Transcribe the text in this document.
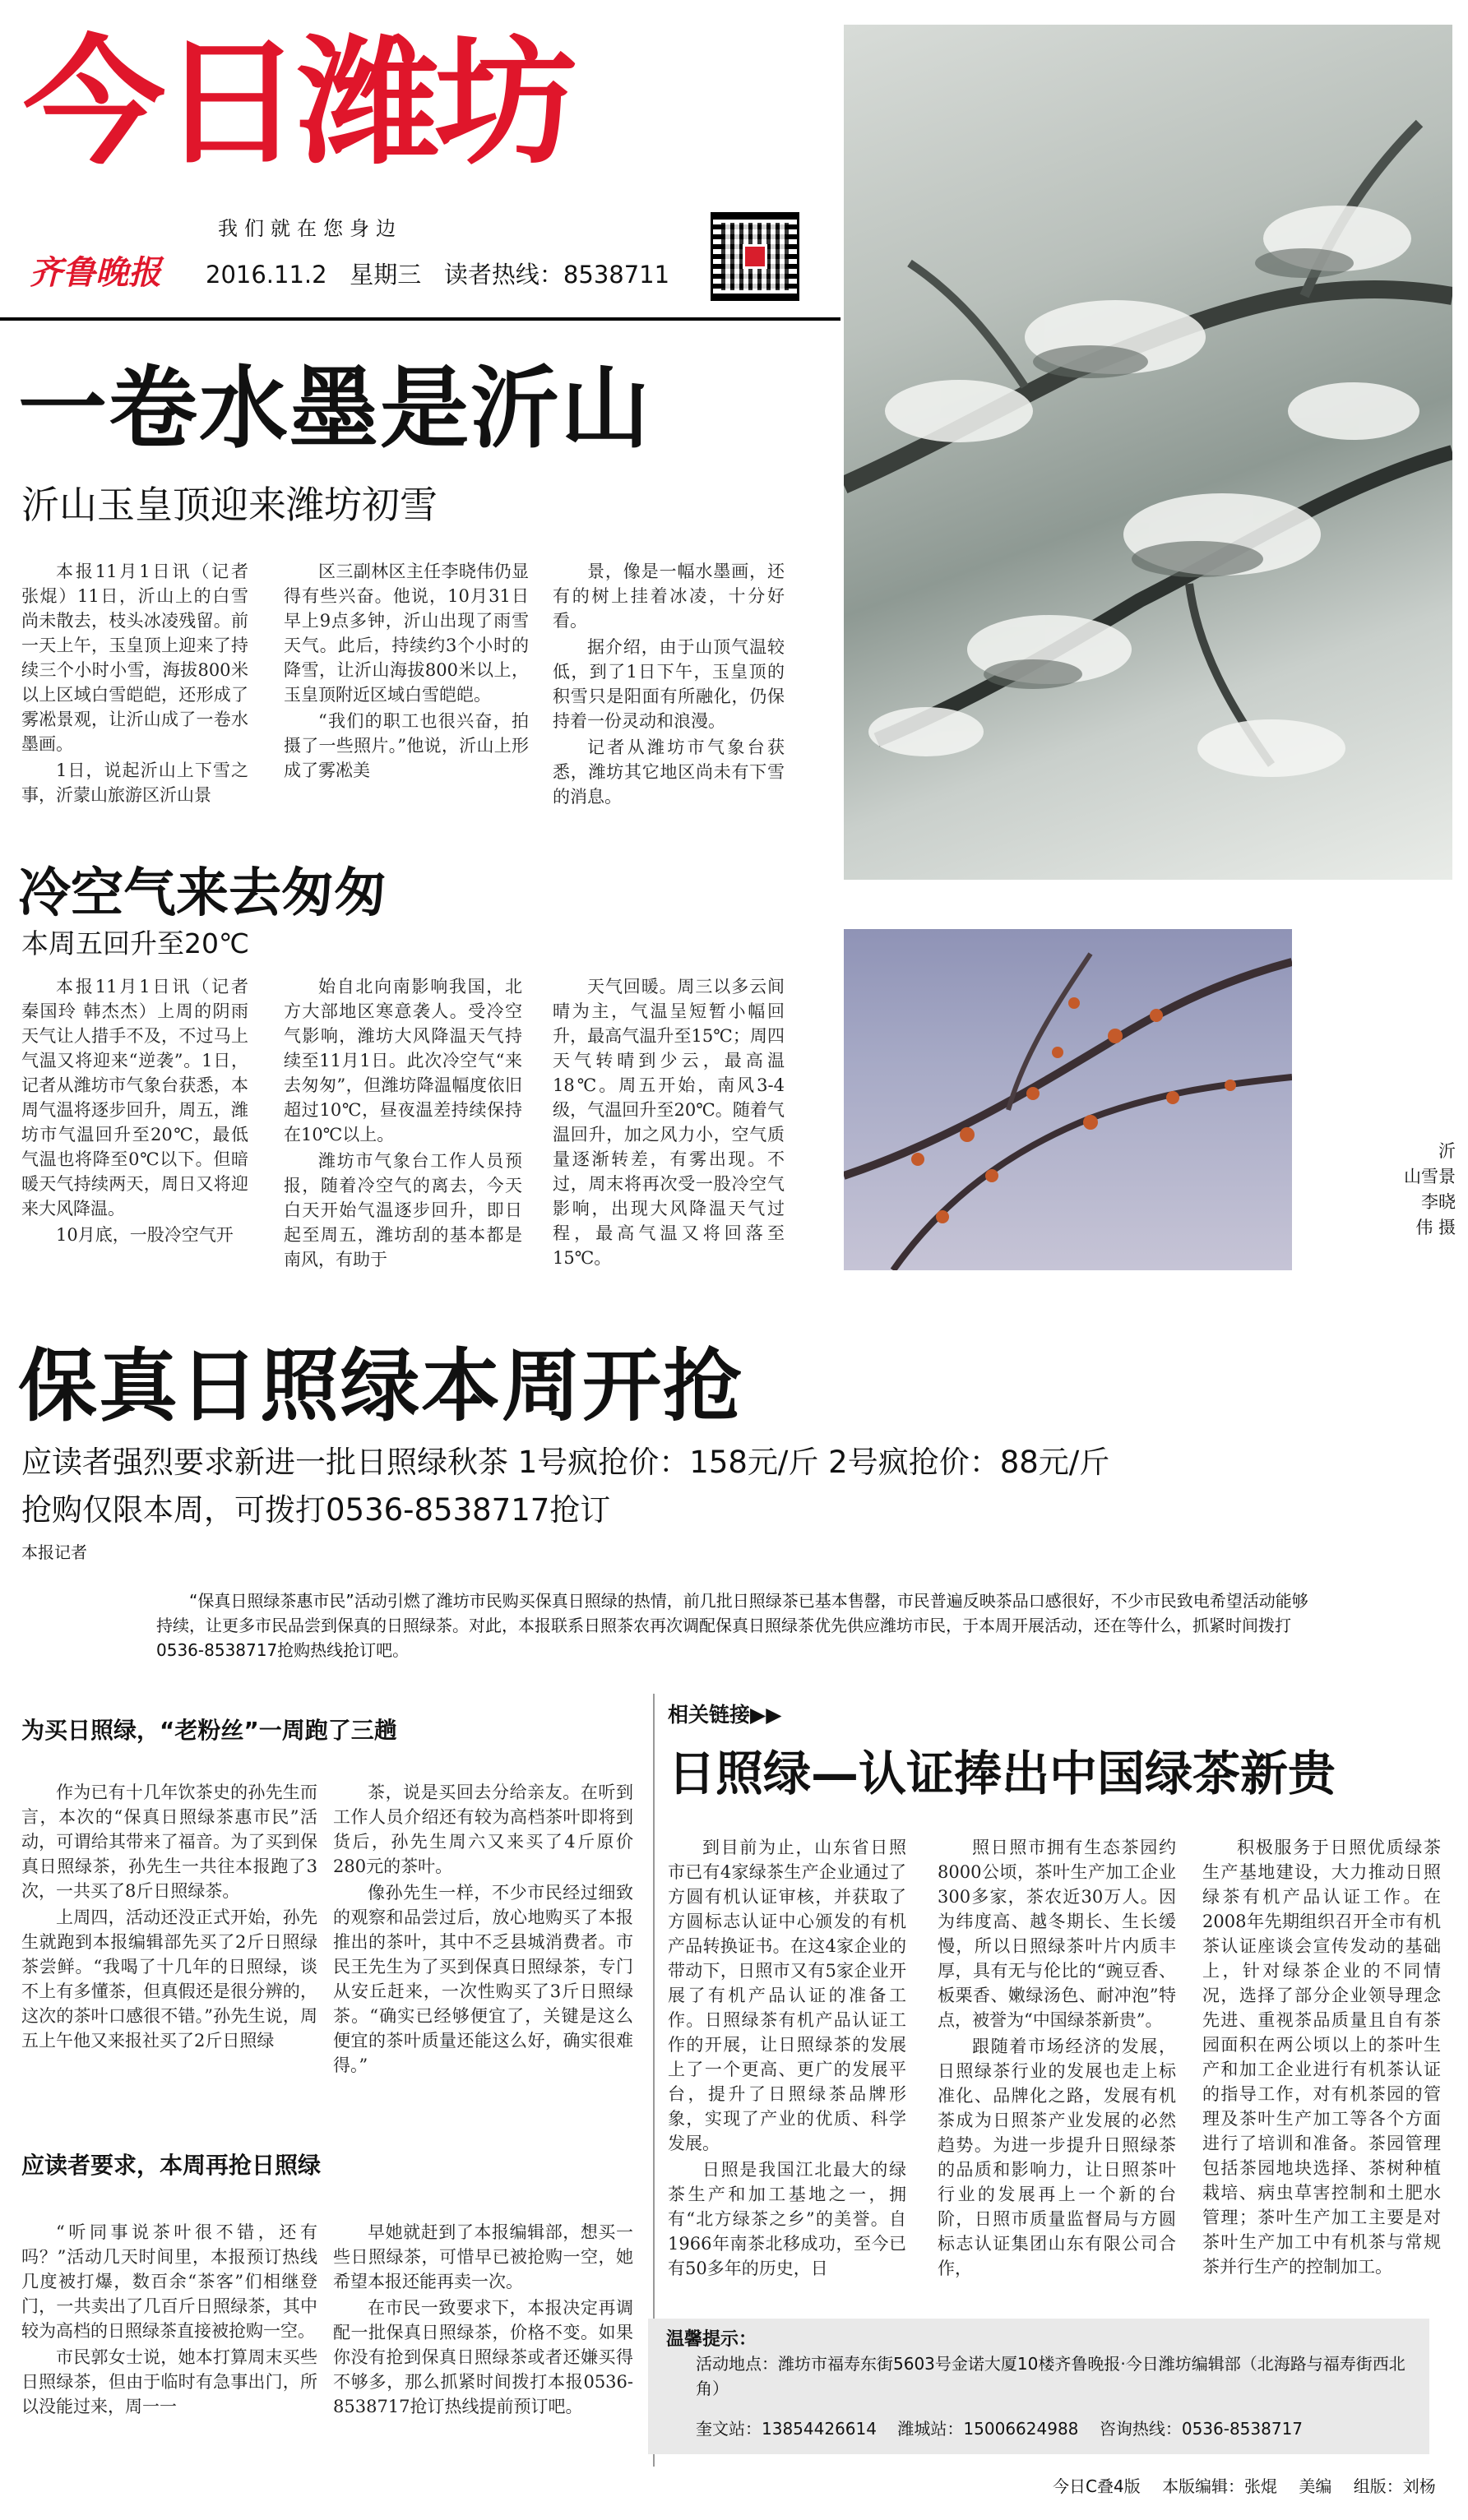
今日潍坊
我们就在您身边
齐鲁晚报 2016.11.2 星期三 读者热线：8538711
一卷水墨是沂山
沂山玉皇顶迎来潍坊初雪

本报11月1日讯（记者 张焜）11日，沂山上的白雪尚未散去，枝头冰凌残留。前一天上午，玉皇顶上迎来了持续三个小时小雪，海拔800米以上区域白雪皑皑，还形成了雾凇景观，让沂山成了一卷水墨画。

1日，说起沂山上下雪之事，沂蒙山旅游区沂山景

区三副林区主任李晓伟仍显得有些兴奋。他说，10月31日早上9点多钟，沂山出现了雨雪天气。此后，持续约3个小时的降雪，让沂山海拔800米以上，玉皇顶附近区域白雪皑皑。

“我们的职工也很兴奋，拍摄了一些照片。”他说，沂山上形成了雾凇美

景，像是一幅水墨画，还有的树上挂着冰凌，十分好看。

据介绍，由于山顶气温较低，到了1日下午，玉皇顶的积雪只是阳面有所融化，仍保持着一份灵动和浪漫。

记者从潍坊市气象台获悉，潍坊其它地区尚未有下雪的消息。

沂
山雪景
李晓
伟 摄
冷空气来去匆匆
本周五回升至20℃

本报11月1日讯（记者 秦国玲 韩杰杰）上周的阴雨天气让人措手不及，不过马上气温又将迎来“逆袭”。1日，记者从潍坊市气象台获悉，本周气温将逐步回升，周五，潍坊市气温回升至20℃，最低气温也将降至0℃以下。但暗暖天气持续两天，周日又将迎来大风降温。

10月底，一股冷空气开

始自北向南影响我国，北方大部地区寒意袭人。受冷空气影响，潍坊大风降温天气持续至11月1日。此次冷空气“来去匆匆”，但潍坊降温幅度依旧超过10℃，昼夜温差持续保持在10℃以上。

潍坊市气象台工作人员预报，随着冷空气的离去，今天白天开始气温逐步回升，即日起至周五，潍坊刮的基本都是南风，有助于

天气回暖。周三以多云间晴为主，气温呈短暂小幅回升，最高气温升至15℃；周四天气转晴到少云，最高温18℃。周五开始，南风3-4级，气温回升至20℃。随着气温回升，加之风力小，空气质量逐渐转差，有雾出现。不过，周末将再次受一股冷空气影响，出现大风降温天气过程，最高气温又将回落至15℃。

保真日照绿本周开抢
应读者强烈要求新进一批日照绿秋茶 1号疯抢价：158元/斤 2号疯抢价：88元/斤
抢购仅限本周，可拨打0536-8538717抢订
本报记者
“保真日照绿茶惠市民”活动引燃了潍坊市民购买保真日照绿的热情，前几批日照绿茶已基本售罄，市民普遍反映茶品口感很好，不少市民致电希望活动能够持续，让更多市民品尝到保真的日照绿茶。对此，本报联系日照茶农再次调配保真日照绿茶优先供应潍坊市民，于本周开展活动，还在等什么，抓紧时间拨打0536-8538717抢购热线抢订吧。
为买日照绿，“老粉丝”一周跑了三趟

作为已有十几年饮茶史的孙先生而言，本次的“保真日照绿茶惠市民”活动，可谓给其带来了福音。为了买到保真日照绿茶，孙先生一共往本报跑了3次，一共买了8斤日照绿茶。

上周四，活动还没正式开始，孙先生就跑到本报编辑部先买了2斤日照绿茶尝鲜。“我喝了十几年的日照绿，谈不上有多懂茶，但真假还是很分辨的，这次的茶叶口感很不错。”孙先生说，周五上午他又来报社买了2斤日照绿

茶，说是买回去分给亲友。在听到工作人员介绍还有较为高档茶叶即将到货后，孙先生周六又来买了4斤原价280元的茶叶。

像孙先生一样，不少市民经过细致的观察和品尝过后，放心地购买了本报推出的茶叶，其中不乏县城消费者。市民王先生为了买到保真日照绿茶，专门从安丘赶来，一次性购买了3斤日照绿茶。“确实已经够便宜了，关键是这么便宜的茶叶质量还能这么好，确实很难得。”

应读者要求，本周再抢日照绿

“听同事说茶叶很不错，还有吗？”活动几天时间里，本报预订热线几度被打爆，数百余“茶客”们相继登门，一共卖出了几百斤日照绿茶，其中较为高档的日照绿茶直接被抢购一空。

市民郭女士说，她本打算周末买些日照绿茶，但由于临时有急事出门，所以没能过来，周一一

早她就赶到了本报编辑部，想买一些日照绿茶，可惜早已被抢购一空，她希望本报还能再卖一次。

在市民一致要求下，本报决定再调配一批保真日照绿茶，价格不变。如果你没有抢到保真日照绿茶或者还嫌买得不够多，那么抓紧时间拨打本报0536-8538717抢订热线提前预订吧。

相关链接▶▶
日照绿—认证捧出中国绿茶新贵

到目前为止，山东省日照市已有4家绿茶生产企业通过了方圆有机认证审核，并获取了方圆标志认证中心颁发的有机产品转换证书。在这4家企业的带动下，日照市又有5家企业开展了有机产品认证的准备工作。日照绿茶有机产品认证工作的开展，让日照绿茶的发展上了一个更高、更广的发展平台，提升了日照绿茶品牌形象，实现了产业的优质、科学发展。

日照是我国江北最大的绿茶生产和加工基地之一，拥有“北方绿茶之乡”的美誉。自1966年南茶北移成功，至今已有50多年的历史，日

照日照市拥有生态茶园约8000公顷，茶叶生产加工企业300多家，茶农近30万人。因为纬度高、越冬期长、生长缓慢，所以日照绿茶叶片内质丰厚，具有无与伦比的“豌豆香、板栗香、嫩绿汤色、耐冲泡”特点，被誉为“中国绿茶新贵”。

跟随着市场经济的发展，日照绿茶行业的发展也走上标准化、品牌化之路，发展有机茶成为日照茶产业发展的必然趋势。为进一步提升日照绿茶的品质和影响力，让日照茶叶行业的发展再上一个新的台阶，日照市质量监督局与方圆标志认证集团山东有限公司合作，

积极服务于日照优质绿茶生产基地建设，大力推动日照绿茶有机产品认证工作。在2008年先期组织召开全市有机茶认证座谈会宣传发动的基础上，针对绿茶企业的不同情况，选择了部分企业领导理念先进、重视茶品质量且自有茶园面积在两公顷以上的茶叶生产和加工企业进行有机茶认证的指导工作，对有机茶园的管理及茶叶生产加工等各个方面进行了培训和准备。茶园管理包括茶园地块选择、茶树种植栽培、病虫草害控制和土肥水管理；茶叶生产加工主要是对茶叶生产加工中有机茶与常规茶并行生产的控制加工。

温馨提示：
活动地点：潍坊市福寿东街5603号金诺大厦10楼齐鲁晚报·今日潍坊编辑部（北海路与福寿街西北角）
奎文站：13854426614 潍城站：15006624988 咨询热线：0536-8538717
今日C叠4版 本版编辑：张焜 美编 组版：刘杨
